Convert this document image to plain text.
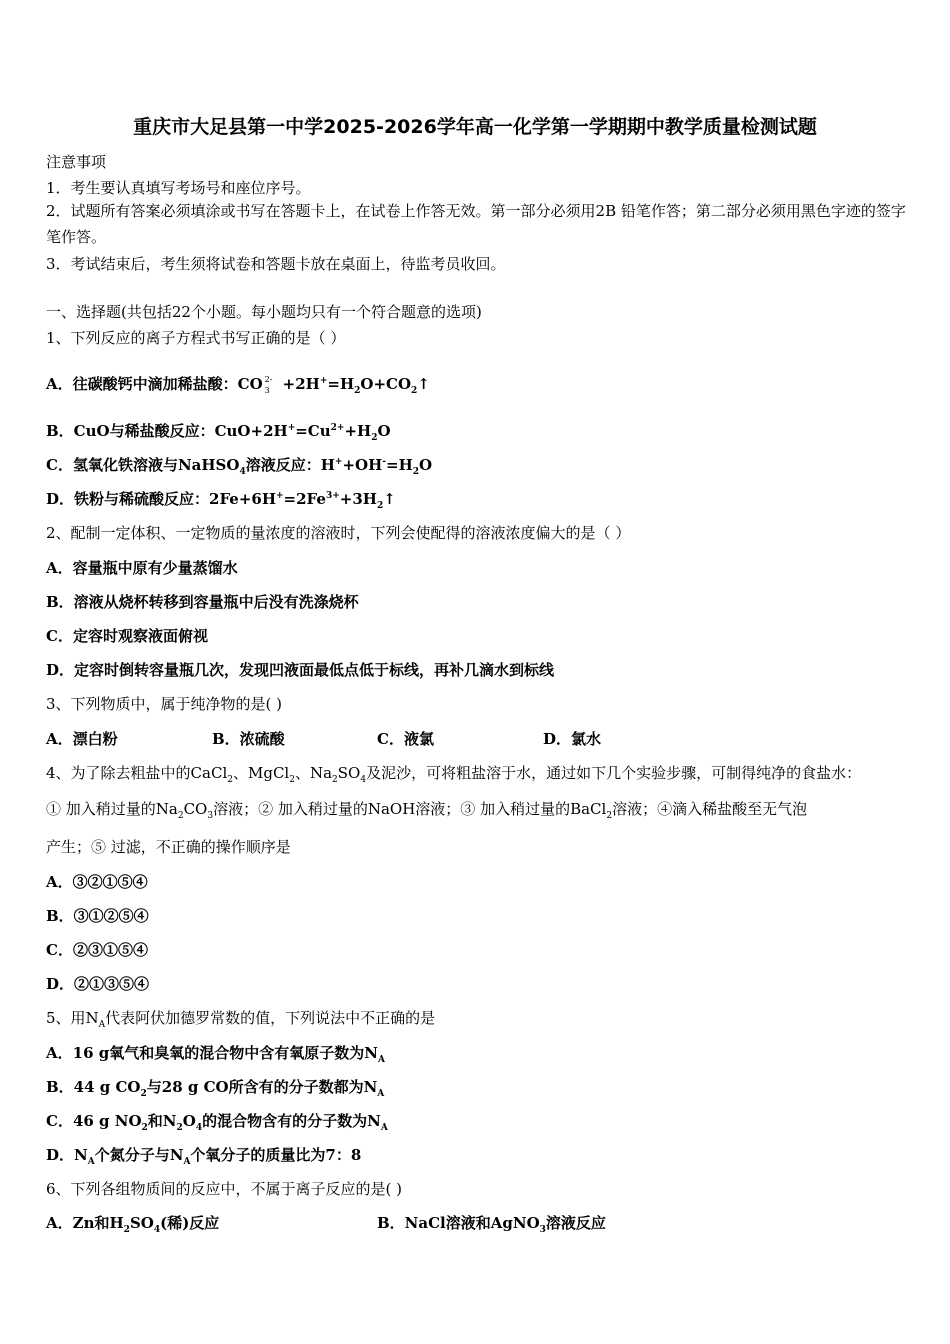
重庆市大足县第一中学2025-2026学年高一化学第一学期期中教学质量检测试题
注意事项
1．考生要认真填写考场号和座位序号。
2．试题所有答案必须填涂或书写在答题卡上，在试卷上作答无效。第一部分必须用2B 铅笔作答；第二部分必须用黑色字迹的签字笔作答。
3．考试结束后，考生须将试卷和答题卡放在桌面上，待监考员收回。
一、选择题(共包括22个小题。每小题均只有一个符合题意的选项)
1、下列反应的离子方程式书写正确的是（ ）
A．往碳酸钙中滴加稀盐酸：CO 2-
$3 +2H^+=H_2O+CO_2↑$
B．CuO与稀盐酸反应：$CuO+2H^+=Cu^{2+}+H_2O$
C．氢氧化铁溶液与NaHSO$_4$溶液反应：$H^++OH^-=H_2O$
D．铁粉与稀硫酸反应：$2Fe+6H^+=2Fe^{3+}+3H_2↑$
2、配制一定体积、一定物质的量浓度的溶液时，下列会使配得的溶液浓度偏大的是（ ）
A．容量瓶中原有少量蒸馏水
B．溶液从烧杯转移到容量瓶中后没有洗涤烧杯
C．定容时观察液面俯视
D．定容时倒转容量瓶几次，发现凹液面最低点低于标线，再补几滴水到标线
3、下列物质中，属于纯净物的是( )
A．漂白粉	B．浓硫酸	C．液氯	D．氯水
4、为了除去粗盐中的CaCl$_2$、MgCl$_2$、$Na_2SO_4$及泥沙，可将粗盐溶于水，通过如下几个实验步骤，可制得纯净的食盐水：
① 加入稍过量的$Na_2CO_3$溶液；② 加入稍过量的NaOH溶液；③ 加入稍过量的BaCl$_2$溶液；④滴入稀盐酸至无气泡
产生；⑤ 过滤，不正确的操作顺序是
A．③②①⑤④
B．③①②⑤④
C．②③①⑤④
D．②①③⑤④
5、用$N_A$代表阿伏加德罗常数的值，下列说法中不正确的是
A．16 g氧气和臭氧的混合物中含有氧原子数为$N_A$
B．44 g $CO_2$与28 g CO所含有的分子数都为$N_A$
C．46 g $NO_2$和$N_2O_4$的混合物含有的分子数为$N_A$
D．$N_A$个氮分子与$N_A$个氧分子的质量比为7：8
6、下列各组物质间的反应中，不属于离子反应的是( )
A．Zn和$H_2SO_4$(稀)反应	B．NaCl溶液和AgNO$_3$溶液反应
